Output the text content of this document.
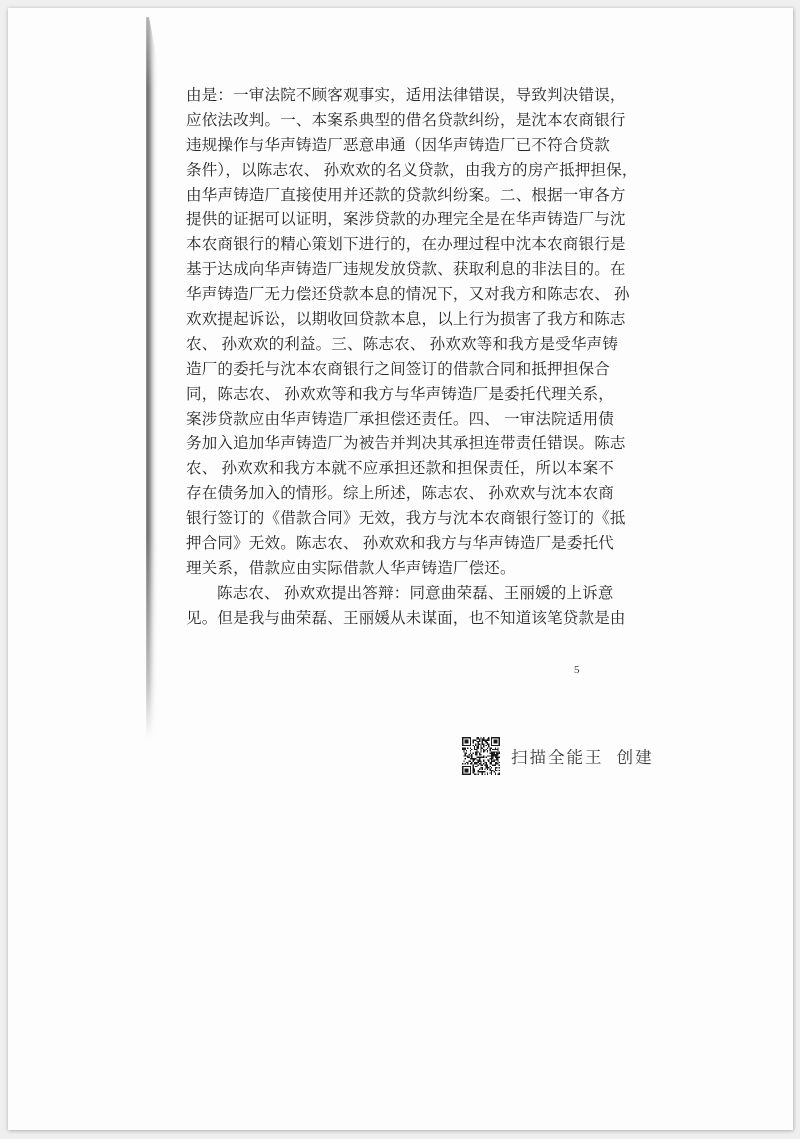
由是：一审法院不顾客观事实，适用法律错误，导致判决错误，
应依法改判。一、本案系典型的借名贷款纠纷，是沈本农商银行
违规操作与华声铸造厂恶意串通（因华声铸造厂已不符合贷款
条件），以陈志农、 孙欢欢的名义贷款，由我方的房产抵押担保，
由华声铸造厂直接使用并还款的贷款纠纷案。二、根据一审各方
提供的证据可以证明，案涉贷款的办理完全是在华声铸造厂与沈
本农商银行的精心策划下进行的，在办理过程中沈本农商银行是
基于达成向华声铸造厂违规发放贷款、获取利息的非法目的。在
华声铸造厂无力偿还贷款本息的情况下，又对我方和陈志农、 孙
欢欢提起诉讼，以期收回贷款本息，以上行为损害了我方和陈志
农、 孙欢欢的利益。三、陈志农、 孙欢欢等和我方是受华声铸
造厂的委托与沈本农商银行之间签订的借款合同和抵押担保合
同，陈志农、 孙欢欢等和我方与华声铸造厂是委托代理关系，
案涉贷款应由华声铸造厂承担偿还责任。四、 一审法院适用债
务加入追加华声铸造厂为被告并判决其承担连带责任错误。陈志
农、 孙欢欢和我方本就不应承担还款和担保责任，所以本案不
存在债务加入的情形。综上所述，陈志农、 孙欢欢与沈本农商
银行签订的《借款合同》无效，我方与沈本农商银行签订的《抵
押合同》无效。陈志农、 孙欢欢和我方与华声铸造厂是委托代
理关系，借款应由实际借款人华声铸造厂偿还。
陈志农、 孙欢欢提出答辩：同意曲荣磊、王丽媛的上诉意
见。但是我与曲荣磊、王丽媛从未谋面，也不知道该笔贷款是由
5
扫描全能王 创建
